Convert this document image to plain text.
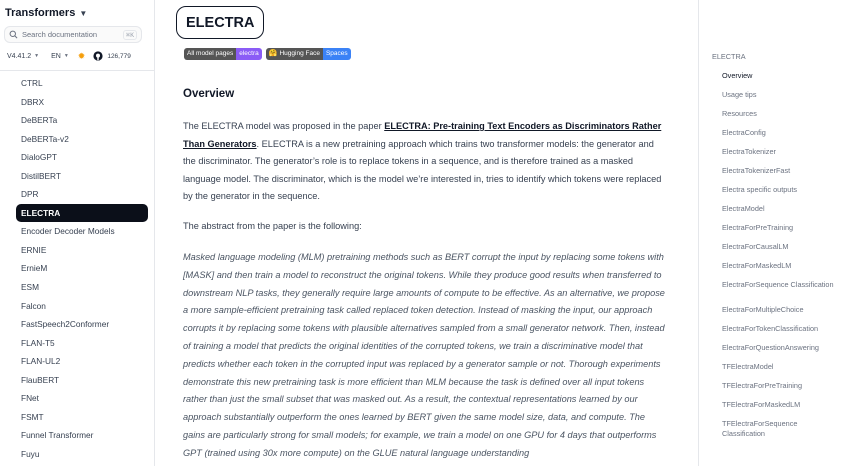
Transformers ▼
Search documentation
⌘K
V4.41.2 ▼ EN ▼ ✹	126,779
CTRL
DBRX
DeBERTa
DeBERTa-v2
DialoGPT
DistilBERT
DPR
ELECTRA
Encoder Decoder Models
ERNIE
ErnieM
ESM
Falcon
FastSpeech2Conformer
FLAN-T5
FLAN-UL2
FlauBERT
FNet
FSMT
Funnel Transformer
Fuyu
ELECTRA
All model pages electra	🤗 Hugging Face Spaces
Overview

The ELECTRA model was proposed in the paper ELECTRA: Pre-training Text Encoders as Discriminators Rather Than Generators. ELECTRA is a new pretraining approach which trains two transformer models: the generator and the discriminator. The generator’s role is to replace tokens in a sequence, and is therefore trained as a masked language model. The discriminator, which is the model we’re interested in, tries to identify which tokens were replaced by the generator in the sequence.

The abstract from the paper is the following:

Masked language modeling (MLM) pretraining methods such as BERT corrupt the input by replacing some tokens with [MASK] and then train a model to reconstruct the original tokens. While they produce good results when transferred to downstream NLP tasks, they generally require large amounts of compute to be effective. As an alternative, we propose a more sample-efficient pretraining task called replaced token detection. Instead of masking the input, our approach corrupts it by replacing some tokens with plausible alternatives sampled from a small generator network. Then, instead of training a model that predicts the original identities of the corrupted tokens, we train a discriminative model that predicts whether each token in the corrupted input was replaced by a generator sample or not. Thorough experiments demonstrate this new pretraining task is more efficient than MLM because the task is defined over all input tokens rather than just the small subset that was masked out. As a result, the contextual representations learned by our approach substantially outperform the ones learned by BERT given the same model size, data, and compute. The gains are particularly strong for small models; for example, we train a model on one GPU for 4 days that outperforms GPT (trained using 30x more compute) on the GLUE natural language understanding

ELECTRA
Overview
Usage tips
Resources
ElectraConfig
ElectraTokenizer
ElectraTokenizerFast
Electra specific outputs
ElectraModel
ElectraForPreTraining
ElectraForCausalLM
ElectraForMaskedLM
ElectraForSequence Classification
ElectraForMultipleChoice
ElectraForTokenClassification
ElectraForQuestionAnswering
TFElectraModel
TFElectraForPreTraining
TFElectraForMaskedLM
TFElectraForSequence Classification
